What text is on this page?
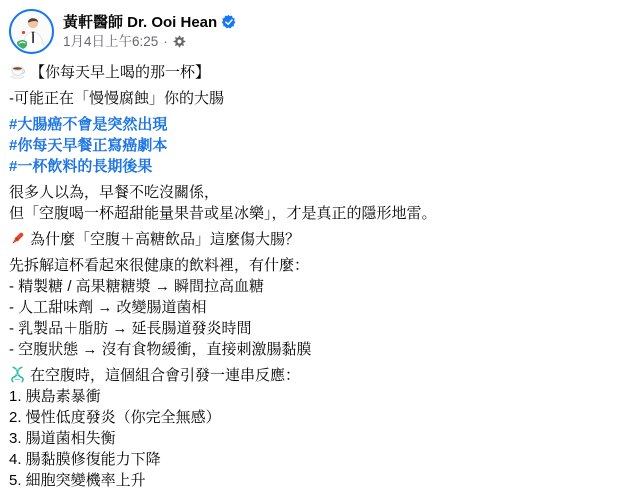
黃軒醫師 Dr. Ooi Hean
1月4日上午6:25 ·

【你每天早上喝的那一杯】

-可能正在「慢慢腐蝕」你的大腸

#大腸癌不會是突然出現
#你每天早餐正寫癌劇本
#一杯飲料的長期後果

很多人以為，早餐不吃沒關係，
但「空腹喝一杯超甜能量果昔或星冰樂」，才是真正的隱形地雷。

為什麼「空腹＋高糖飲品」這麼傷大腸？

先拆解這杯看起來很健康的飲料裡，有什麼：
- 精製糖 / 高果糖糖漿 → 瞬間拉高血糖
- 人工甜味劑 → 改變腸道菌相
- 乳製品＋脂肪 → 延長腸道發炎時間
- 空腹狀態 → 沒有食物緩衝，直接刺激腸黏膜

在空腹時，這個組合會引發一連串反應：
1. 胰島素暴衝
2. 慢性低度發炎（你完全無感）
3. 腸道菌相失衡
4. 腸黏膜修復能力下降
5. 細胞突變機率上升
